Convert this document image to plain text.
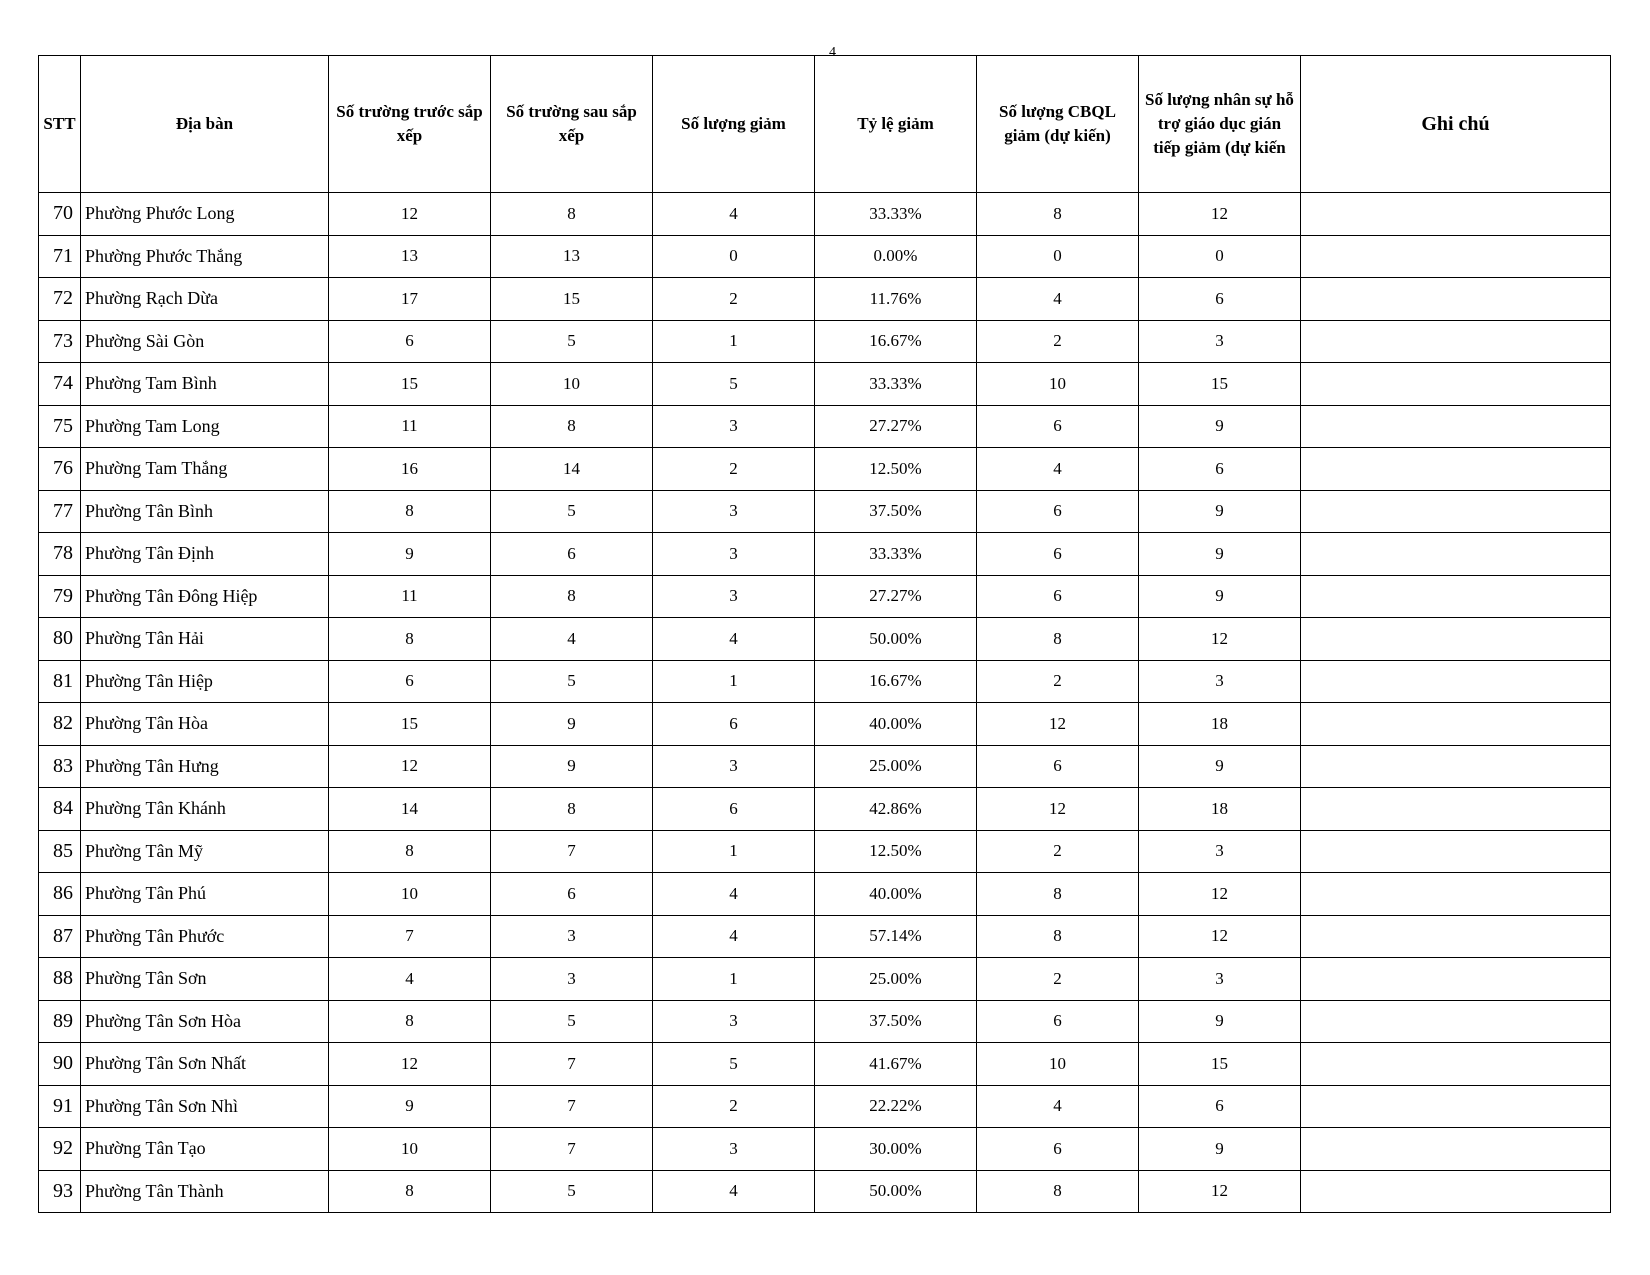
4
STT	Địa bàn	Số trường trước sắp xếp	Số trường sau sắp xếp	Số lượng giảm	Tỷ lệ giảm	Số lượng CBQL giảm (dự kiến)	Số lượng nhân sự hỗ trợ giáo dục gián tiếp giảm (dự kiến	Ghi chú
70	Phường Phước Long	12	8	4	33.33%	8	12	
71	Phường Phước Thắng	13	13	0	0.00%	0	0	
72	Phường Rạch Dừa	17	15	2	11.76%	4	6	
73	Phường Sài Gòn	6	5	1	16.67%	2	3	
74	Phường Tam Bình	15	10	5	33.33%	10	15	
75	Phường Tam Long	11	8	3	27.27%	6	9	
76	Phường Tam Thắng	16	14	2	12.50%	4	6	
77	Phường Tân Bình	8	5	3	37.50%	6	9	
78	Phường Tân Định	9	6	3	33.33%	6	9	
79	Phường Tân Đông Hiệp	11	8	3	27.27%	6	9	
80	Phường Tân Hải	8	4	4	50.00%	8	12	
81	Phường Tân Hiệp	6	5	1	16.67%	2	3	
82	Phường Tân Hòa	15	9	6	40.00%	12	18	
83	Phường Tân Hưng	12	9	3	25.00%	6	9	
84	Phường Tân Khánh	14	8	6	42.86%	12	18	
85	Phường Tân Mỹ	8	7	1	12.50%	2	3	
86	Phường Tân Phú	10	6	4	40.00%	8	12	
87	Phường Tân Phước	7	3	4	57.14%	8	12	
88	Phường Tân Sơn	4	3	1	25.00%	2	3	
89	Phường Tân Sơn Hòa	8	5	3	37.50%	6	9	
90	Phường Tân Sơn Nhất	12	7	5	41.67%	10	15	
91	Phường Tân Sơn Nhì	9	7	2	22.22%	4	6	
92	Phường Tân Tạo	10	7	3	30.00%	6	9	
93	Phường Tân Thành	8	5	4	50.00%	8	12	
